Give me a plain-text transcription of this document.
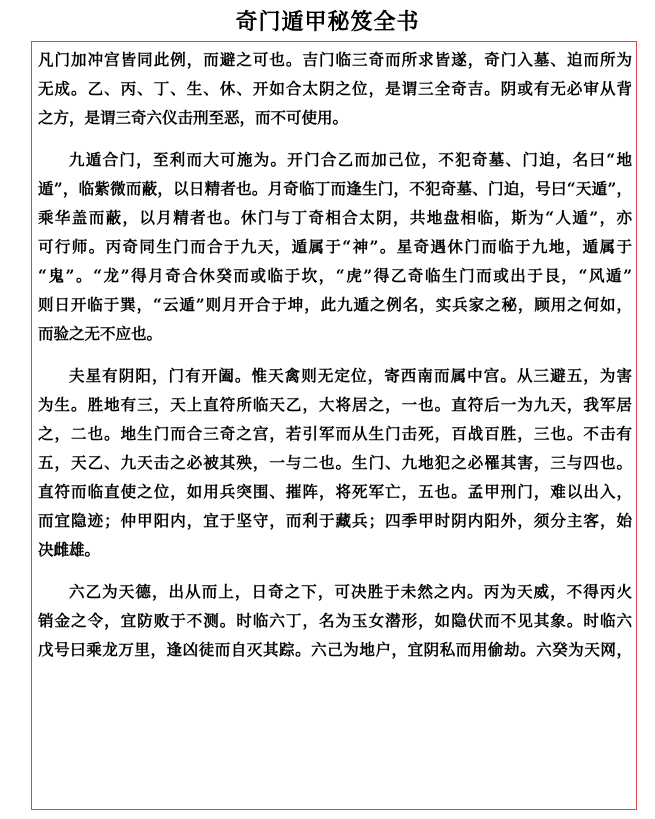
奇门遁甲秘笈全书
凡门加冲宫皆同此例，而避之可也。吉门临三奇而所求皆遂，奇门入墓、迫而所为
无成。乙、丙、丁、生、休、开如合太阴之位，是谓三全奇吉。阴或有无必审从背
之方，是谓三奇六仪击刑至恶，而不可使用。
九遁合门，至利而大可施为。开门合乙而加己位，不犯奇墓、门迫，名曰“地
遁”，临紫微而蔽，以日精者也。月奇临丁而逢生门，不犯奇墓、门迫，号曰“天遁”，
乘华盖而蔽，以月精者也。休门与丁奇相合太阴，共地盘相临，斯为“人遁”，亦
可行师。丙奇同生门而合于九天，遁属于“神”。星奇遇休门而临于九地，遁属于
“鬼”。“龙”得月奇合休癸而或临于坎，“虎”得乙奇临生门而或出于艮，“风遁”
则日开临于巽，“云遁”则月开合于坤，此九遁之例名，实兵家之秘，顾用之何如，
而验之无不应也。
夫星有阴阳，门有开阖。惟天禽则无定位，寄西南而属中宫。从三避五，为害
为生。胜地有三，天上直符所临天乙，大将居之，一也。直符后一为九天，我军居
之，二也。地生门而合三奇之宫，若引军而从生门击死，百战百胜，三也。不击有
五，天乙、九天击之必被其殃，一与二也。生门、九地犯之必罹其害，三与四也。
直符而临直使之位，如用兵突围、摧阵，将死军亡，五也。孟甲刑门，难以出入，
而宜隐迹；仲甲阳内，宜于坚守，而利于藏兵；四季甲时阴内阳外，须分主客，始
决雌雄。
六乙为天德，出从而上，日奇之下，可决胜于未然之内。丙为天威，不得丙火
销金之令，宜防败于不测。时临六丁，名为玉女潜形，如隐伏而不见其象。时临六
戊号曰乘龙万里，逢凶徒而自灭其踪。六己为地户，宜阴私而用偷劫。六癸为天网，
